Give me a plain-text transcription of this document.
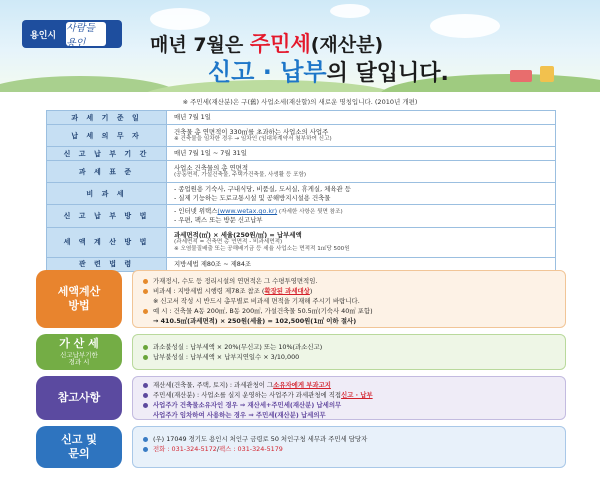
용인시
사람들 용인	매년 7월은 주민세(재산분)
신고 · 납부의 달입니다.
※ 주민세(재산분)은 구(舊) 사업소세(재산할)의 새로운 명칭입니다. (2010년 개편)
과 세 기 준 일	매년 7월 1일
납 세 의 무 자	건축물 총 연면적이 330㎡를 초과하는 사업소의 사업주
※ 건축물을 임차한 경우 → 임차인 (임대차계약서 첨부하여 신고)

신 고 납 부 기 간	매년 7월 1일 ~ 7월 31일
과 세 표 준	사업소 건축물의 총 연면적
(공동면적, 가설건축물, 주택가건축물, 사생활 등 포함)

비 과 세	- 종업원용 기숙사, 구내식당, 비품실, 도서실, 휴게실, 체육관 등
- 실제 기능하는 도로교통시설 및 공해방지시설용 건축물

신 고 납 부 방 법	- 인터넷 위택스(www.wetax.go.kr) (자세한 사항은 뒷면 참조)
- 우편, 팩스 또는 방문 신고납부

세 액 계 산 방 법	과세면적(㎡) × 세율(250원/㎡) = 납부세액
(과세면적 = 건축면 총 연면적 - 비과세면적)
※ 오염물질배출 또는 공해배기금 등 세율 사업소는 면적적 1㎡당 500원

관 련 법 령	지방세법 제80조 ~ 제84조
세액계산
방법
가재정시, 수도 등 정리시설의 연면적은 그 수평투영면적임.
비과세 : 지방세법 시행령 제78조 참조 ( 확장된 과세대상 )
※ 신고서 작성 시 반드시 총무별로 비과세 면적을 기재해 주시기 바랍니다.
예 시 : 건축물 A동 200㎡, B동 200㎡, 가설건축물 50.5㎡(기숙사 40㎡ 포함)
→ 410.5㎡(과세면적) × 250원(세율) = 102,500원(1㎡ 이하 절사)
가 산 세
신고납부기한
경과 시
과소불성실 : 납부세액 × 20%(무신고) 또는 10%(과소신고)
납부불성실 : 납부세액 × 납부지연일수 × 3/10,000
참고사항
재산세(건축물, 주택, 토지) : 과세관청이 그 소유자에게 부과고지
주민세(재산분) : 사업소를 실지 운영하는 사업주가 과세관청에 직접 신고 · 납부
사업주가 건축물소유자인 경우 ⇒ 재산세+주민세(재산분) 납세의무
사업주가 임차하여 사용하는 경우 ⇒ 주민세(재산분) 납세의무
신고 및
문의
(우) 17049 경기도 용인시 처인구 금령로 50 처인구청 세무과 주민세 담당자
전화 : 031-324-5172 / 팩스 : 031-324-5179
